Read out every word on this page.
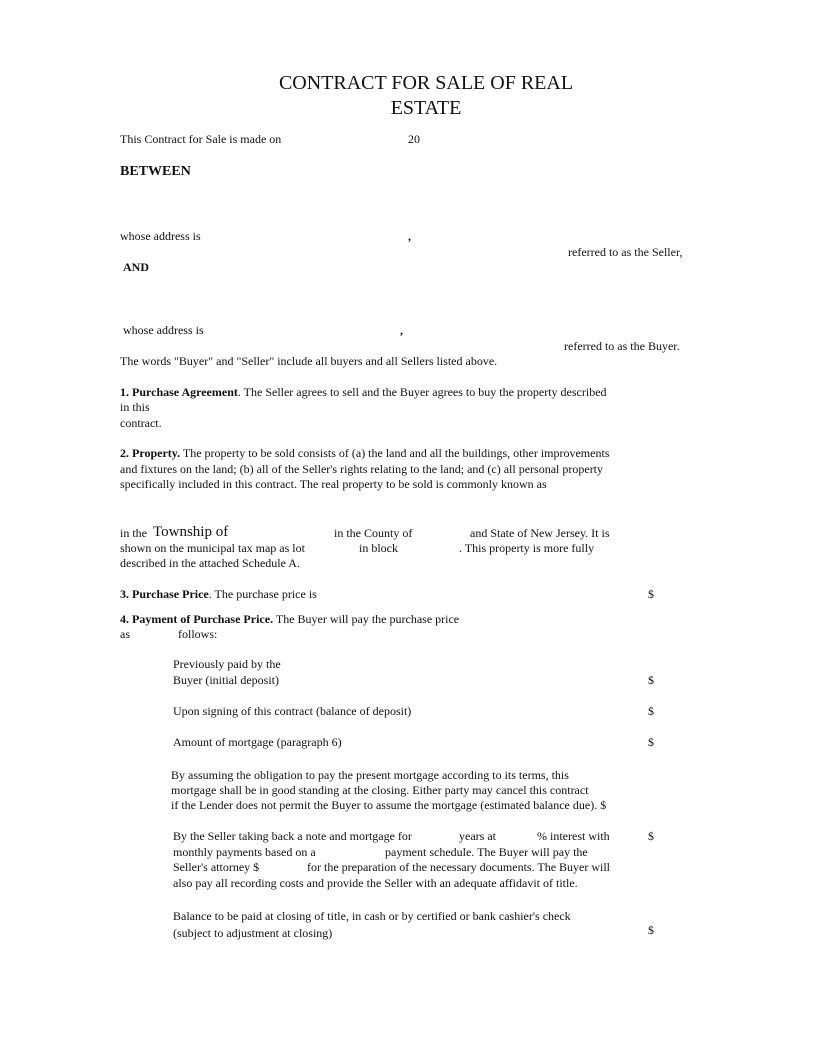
CONTRACT FOR SALE OF REAL
ESTATE
This Contract for Sale is made on	20
BETWEEN
whose address is	,
referred to as the Seller,
AND
whose address is	,
referred to as the Buyer.
The words "Buyer" and "Seller" include all buyers and all Sellers listed above.
1. Purchase Agreement. The Seller agrees to sell and the Buyer agrees to buy the property described
in this
contract.
2. Property. The property to be sold consists of (a) the land and all the buildings, other improvements
and fixtures on the land; (b) all of the Seller's rights relating to the land; and (c) all personal property
specifically included in this contract. The real property to be sold is commonly known as
in the Township of	in the County of	and State of New Jersey. It is
shown on the municipal tax map as lot	in block	. This property is more fully
described in the attached Schedule A.
3. Purchase Price. The purchase price is	$
4. Payment of Purchase Price. The Buyer will pay the purchase price
as	follows:
Previously paid by the
Buyer (initial deposit)	$
Upon signing of this contract (balance of deposit)	$
Amount of mortgage (paragraph 6)	$
By assuming the obligation to pay the present mortgage according to its terms, this
mortgage shall be in good standing at the closing. Either party may cancel this contract
if the Lender does not permit the Buyer to assume the mortgage (estimated balance due). $
By the Seller taking back a note and mortgage for	years at	% interest with	$
monthly payments based on a	payment schedule. The Buyer will pay the
Seller's attorney $	for the preparation of the necessary documents. The Buyer will
also pay all recording costs and provide the Seller with an adequate affidavit of title.
Balance to be paid at closing of title, in cash or by certified or bank cashier's check
(subject to adjustment at closing)	$
